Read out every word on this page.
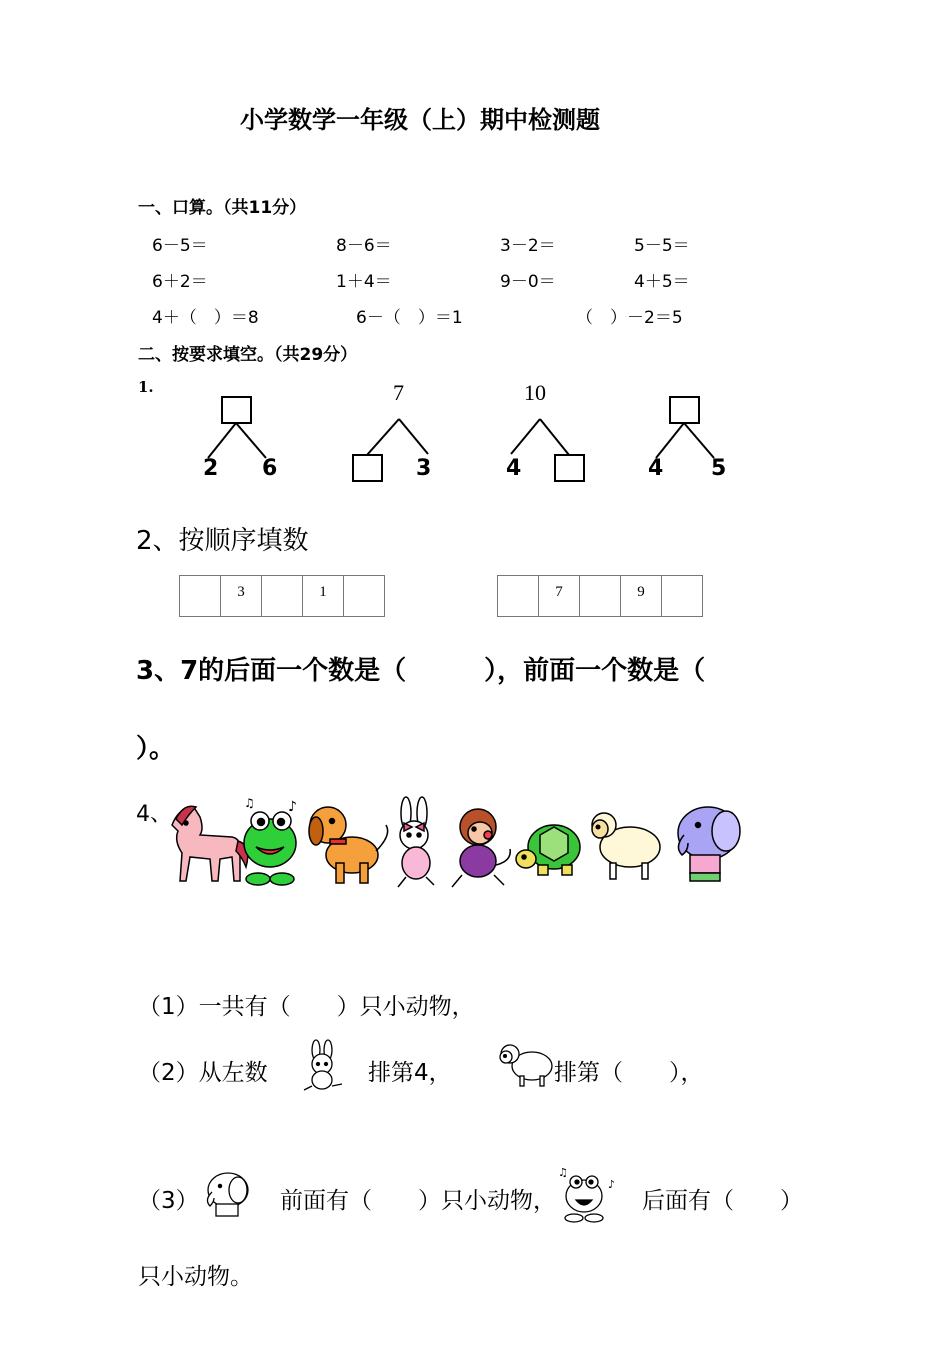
小学数学一年级（上）期中检测题
一、口算。（共11分）
6－5＝	8－6＝	3－2＝	5－5＝
6＋2＝	1＋4＝	9－0＝	4＋5＝
4＋（　）＝8	6－（　）＝1	（　）－2＝5
二、按要求填空。（共29分）
1.
2 6
7
3
10
4	4 5
2、按顺序填数
	3		1	
		7		9	
3、7的后面一个数是（　　　），前面一个数是（
）。
4、	♪
♫
（1）一共有（　　）只小动物，
（2）从左数	排第4，	排第（　　），
（3）	前面有（　　）只小动物，
♫
♪
后面有（　　）
只小动物。
